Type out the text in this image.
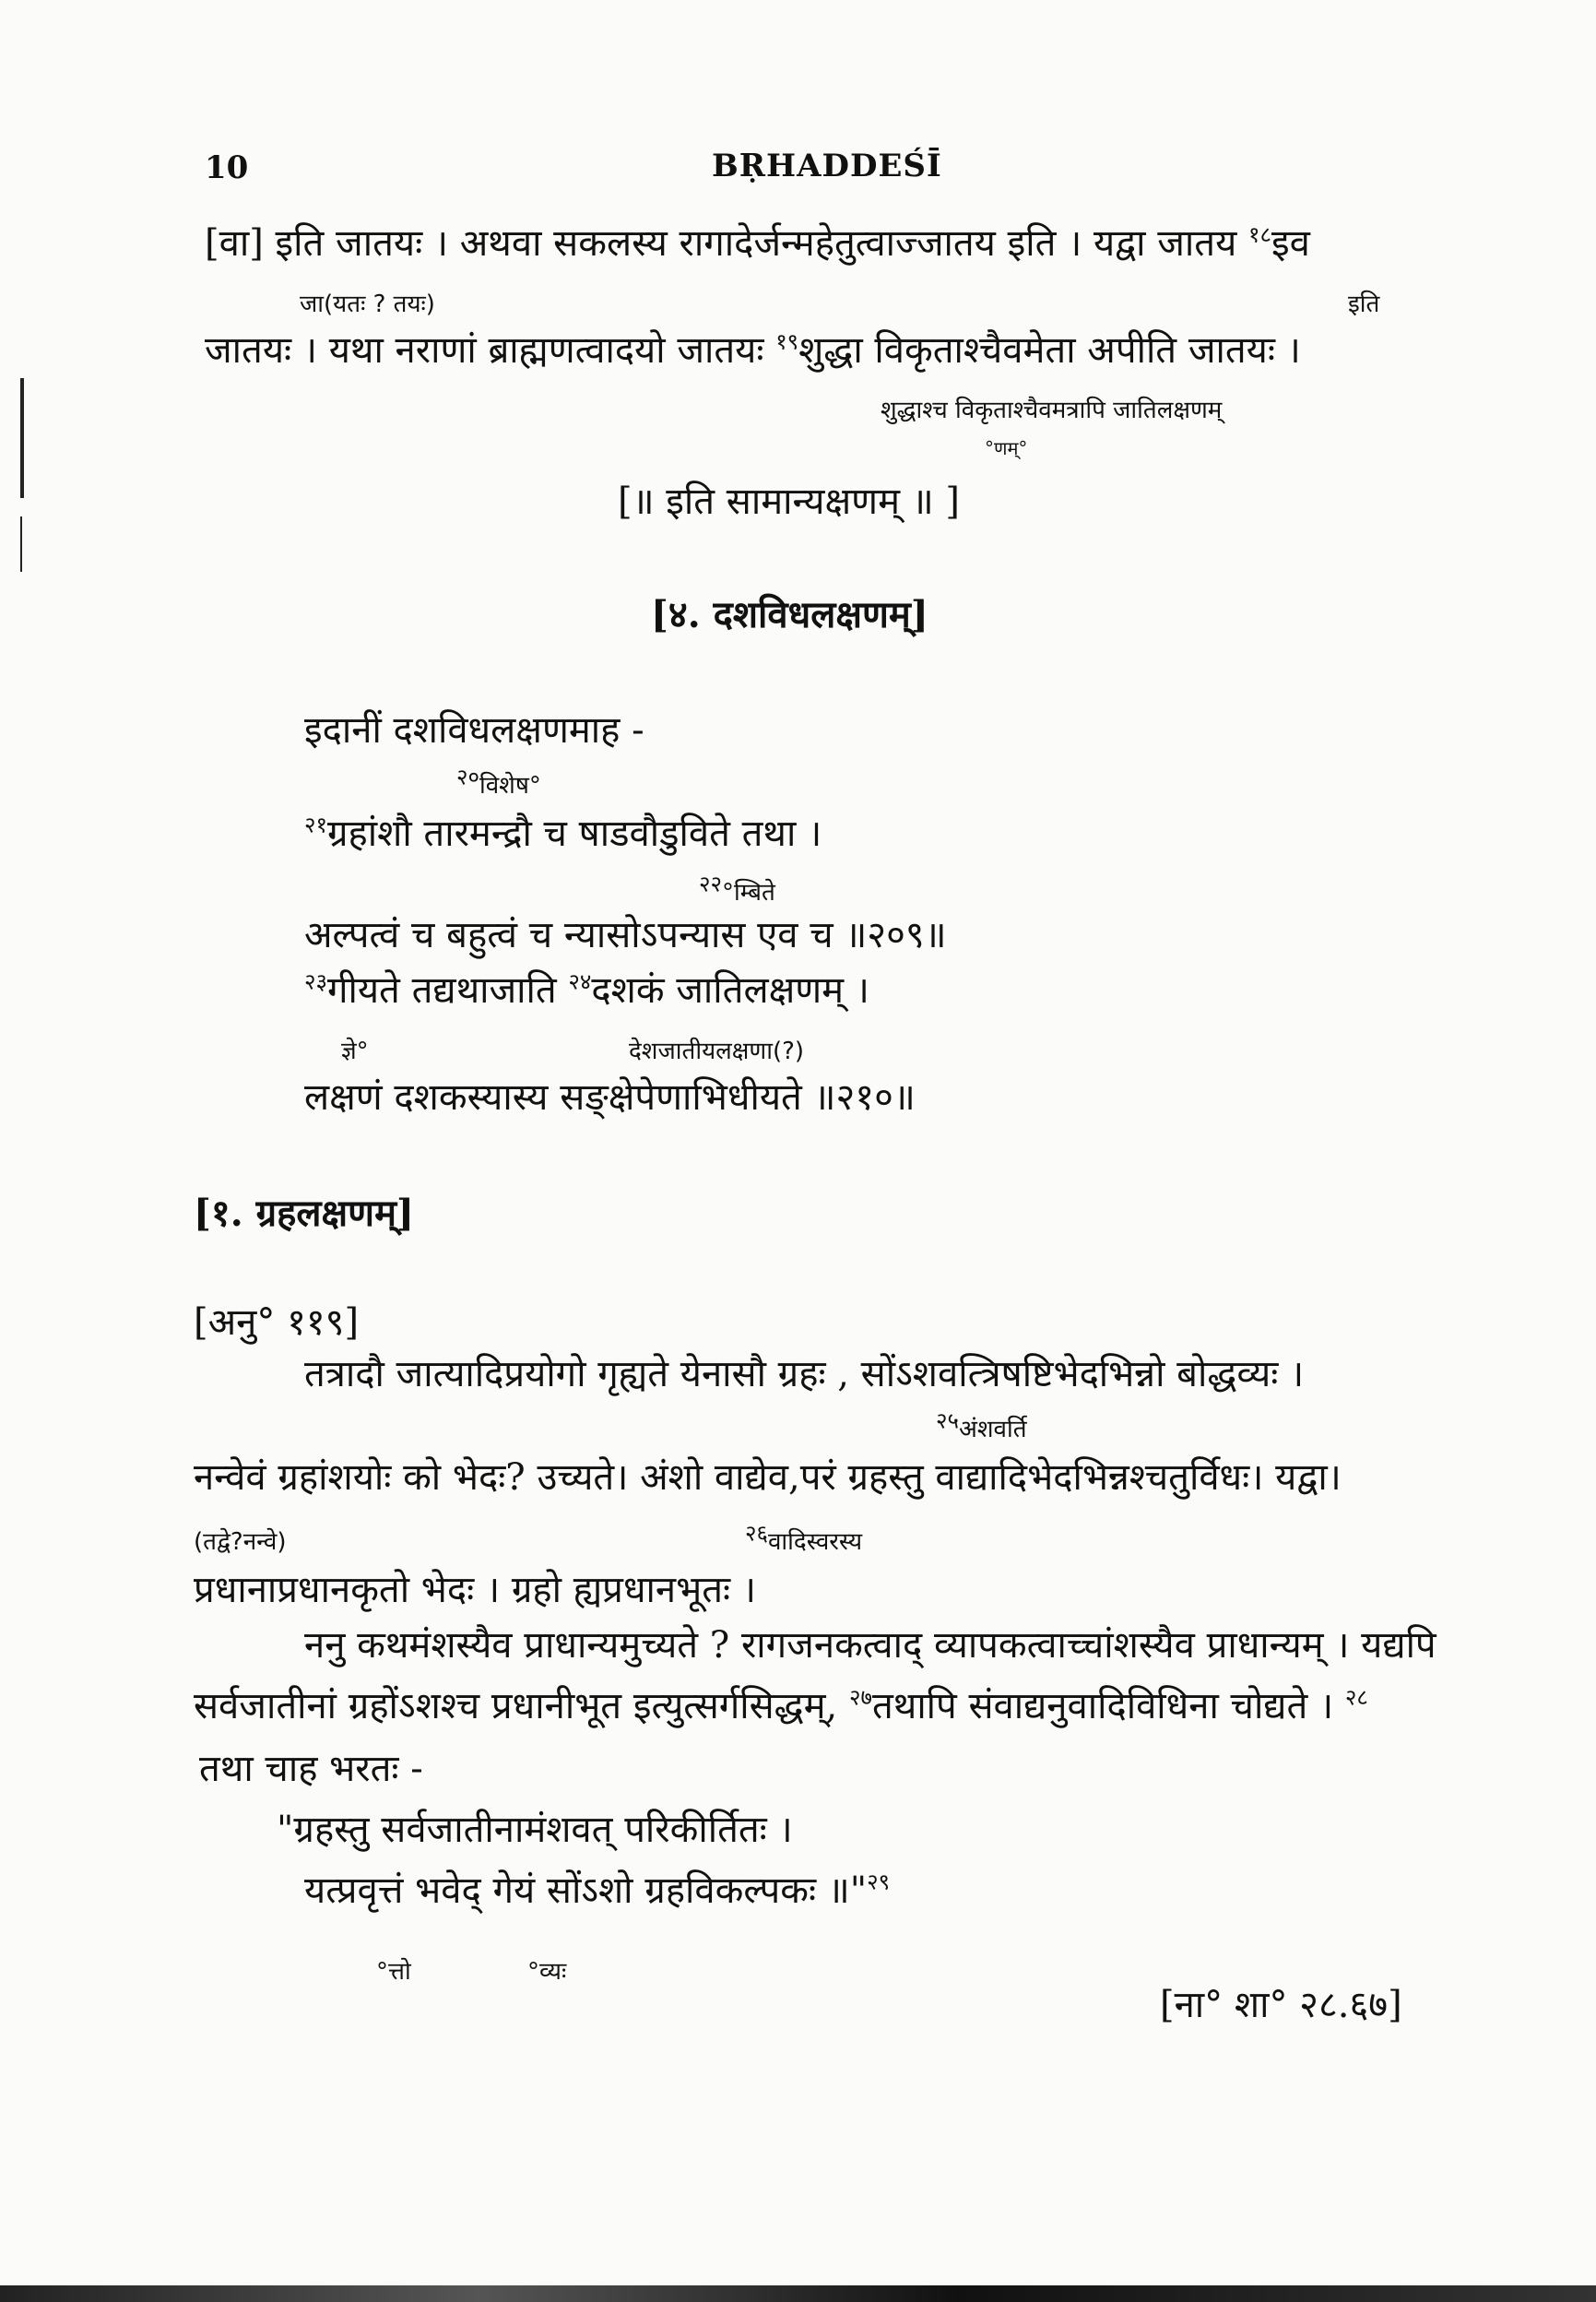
10	BṚHADDEŚĪ
[वा] इति जातयः । अथवा सकलस्य रागादेर्जन्महेतुत्वाज्जातय इति । यद्वा जातय $^{१८}$इव
जा(यतः ? तयः)	इति
जातयः । यथा नराणां ब्राह्मणत्वादयो जातयः $^{१९}$शुद्धा विकृताश्चैवमेता अपीति जातयः ।
शुद्धाश्च विकृताश्चैवमत्रापि जातिलक्षणम्
°णम्°
[॥ इति सामान्यक्षणम् ॥ ]
[४. दशविधलक्षणम्]
इदानीं दशविधलक्षणमाह -
२०विशेष°
$^{२१}$ग्रहांशौ तारमन्द्रौ च षाडवौडुविते तथा ।
२२°म्बिते
अल्पत्वं च बहुत्वं च न्यासोऽपन्यास एव च ॥२०९॥
$^{२३}$गीयते तद्यथाजाति $^{२४}$दशकं जातिलक्षणम् ।
ज्ञे°	देशजातीयलक्षणा(?)
लक्षणं दशकस्यास्य सङ्क्षेपेणाभिधीयते ॥२१०॥
[१. ग्रहलक्षणम्]
[अनु° ११९]
तत्रादौ जात्यादिप्रयोगो गृह्यते येनासौ ग्रहः , सोंऽशवत्त्रिषष्टिभेदभिन्नो बोद्धव्यः ।
२५अंशवर्ति
नन्वेवं ग्रहांशयोः को भेदः? उच्यते। अंशो वाद्येव,परं ग्रहस्तु वाद्यादिभेदभिन्नश्चतुर्विधः। यद्वा।
(तद्वे?नन्वे)	२६वादिस्वरस्य
प्रधानाप्रधानकृतो भेदः । ग्रहो ह्यप्रधानभूतः ।
ननु कथमंशस्यैव प्राधान्यमुच्यते ? रागजनकत्वाद् व्यापकत्वाच्चांशस्यैव प्राधान्यम् । यद्यपि
सर्वजातीनां ग्रहोंऽशश्च प्रधानीभूत इत्युत्सर्गसिद्धम्, $^{२७}$तथापि संवाद्यनुवादिविधिना चोद्यते । $^{२८}$
तथा चाह भरतः -
"ग्रहस्तु सर्वजातीनामंशवत् परिकीर्तितः ।
यत्प्रवृत्तं भवेद् गेयं सोंऽशो ग्रहविकल्पकः ॥"$^{२९}$
°त्तो	°व्यः
[ना° शा° २८.६७]
